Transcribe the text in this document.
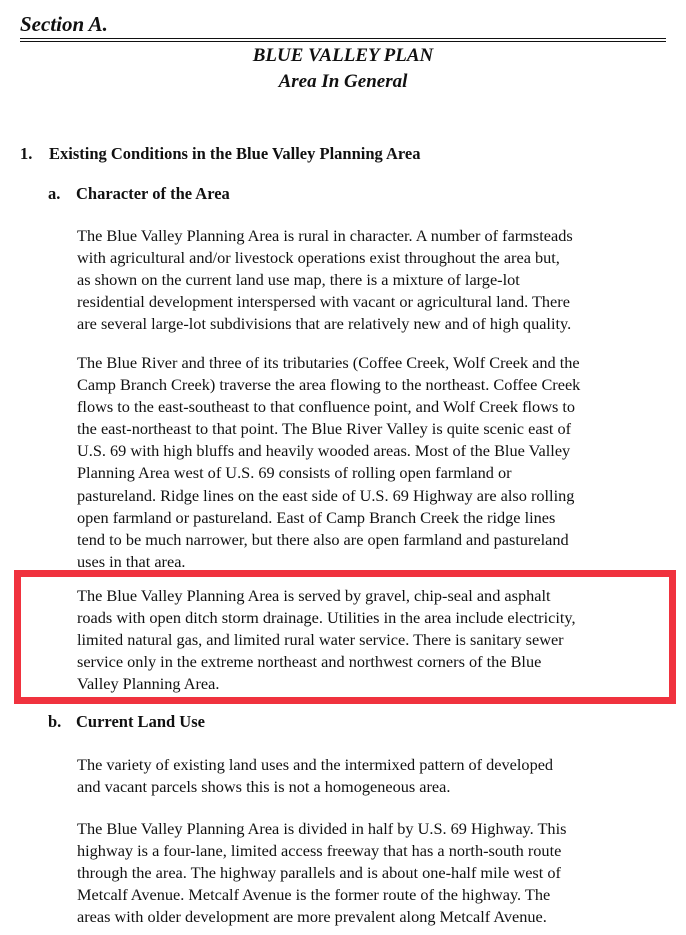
Section A.
BLUE VALLEY PLAN
Area In General
1. Existing Conditions in the Blue Valley Planning Area
a. Character of the Area
The Blue Valley Planning Area is rural in character. A number of farmsteads
with agricultural and/or livestock operations exist throughout the area but,
as shown on the current land use map, there is a mixture of large-lot
residential development interspersed with vacant or agricultural land. There
are several large-lot subdivisions that are relatively new and of high quality.
The Blue River and three of its tributaries (Coffee Creek, Wolf Creek and the
Camp Branch Creek) traverse the area flowing to the northeast. Coffee Creek
flows to the east-southeast to that confluence point, and Wolf Creek flows to
the east-northeast to that point. The Blue River Valley is quite scenic east of
U.S. 69 with high bluffs and heavily wooded areas. Most of the Blue Valley
Planning Area west of U.S. 69 consists of rolling open farmland or
pastureland. Ridge lines on the east side of U.S. 69 Highway are also rolling
open farmland or pastureland. East of Camp Branch Creek the ridge lines
tend to be much narrower, but there also are open farmland and pastureland
uses in that area.
The Blue Valley Planning Area is served by gravel, chip-seal and asphalt
roads with open ditch storm drainage. Utilities in the area include electricity,
limited natural gas, and limited rural water service. There is sanitary sewer
service only in the extreme northeast and northwest corners of the Blue
Valley Planning Area.
b. Current Land Use
The variety of existing land uses and the intermixed pattern of developed
and vacant parcels shows this is not a homogeneous area.
The Blue Valley Planning Area is divided in half by U.S. 69 Highway. This
highway is a four-lane, limited access freeway that has a north-south route
through the area. The highway parallels and is about one-half mile west of
Metcalf Avenue. Metcalf Avenue is the former route of the highway. The
areas with older development are more prevalent along Metcalf Avenue.
